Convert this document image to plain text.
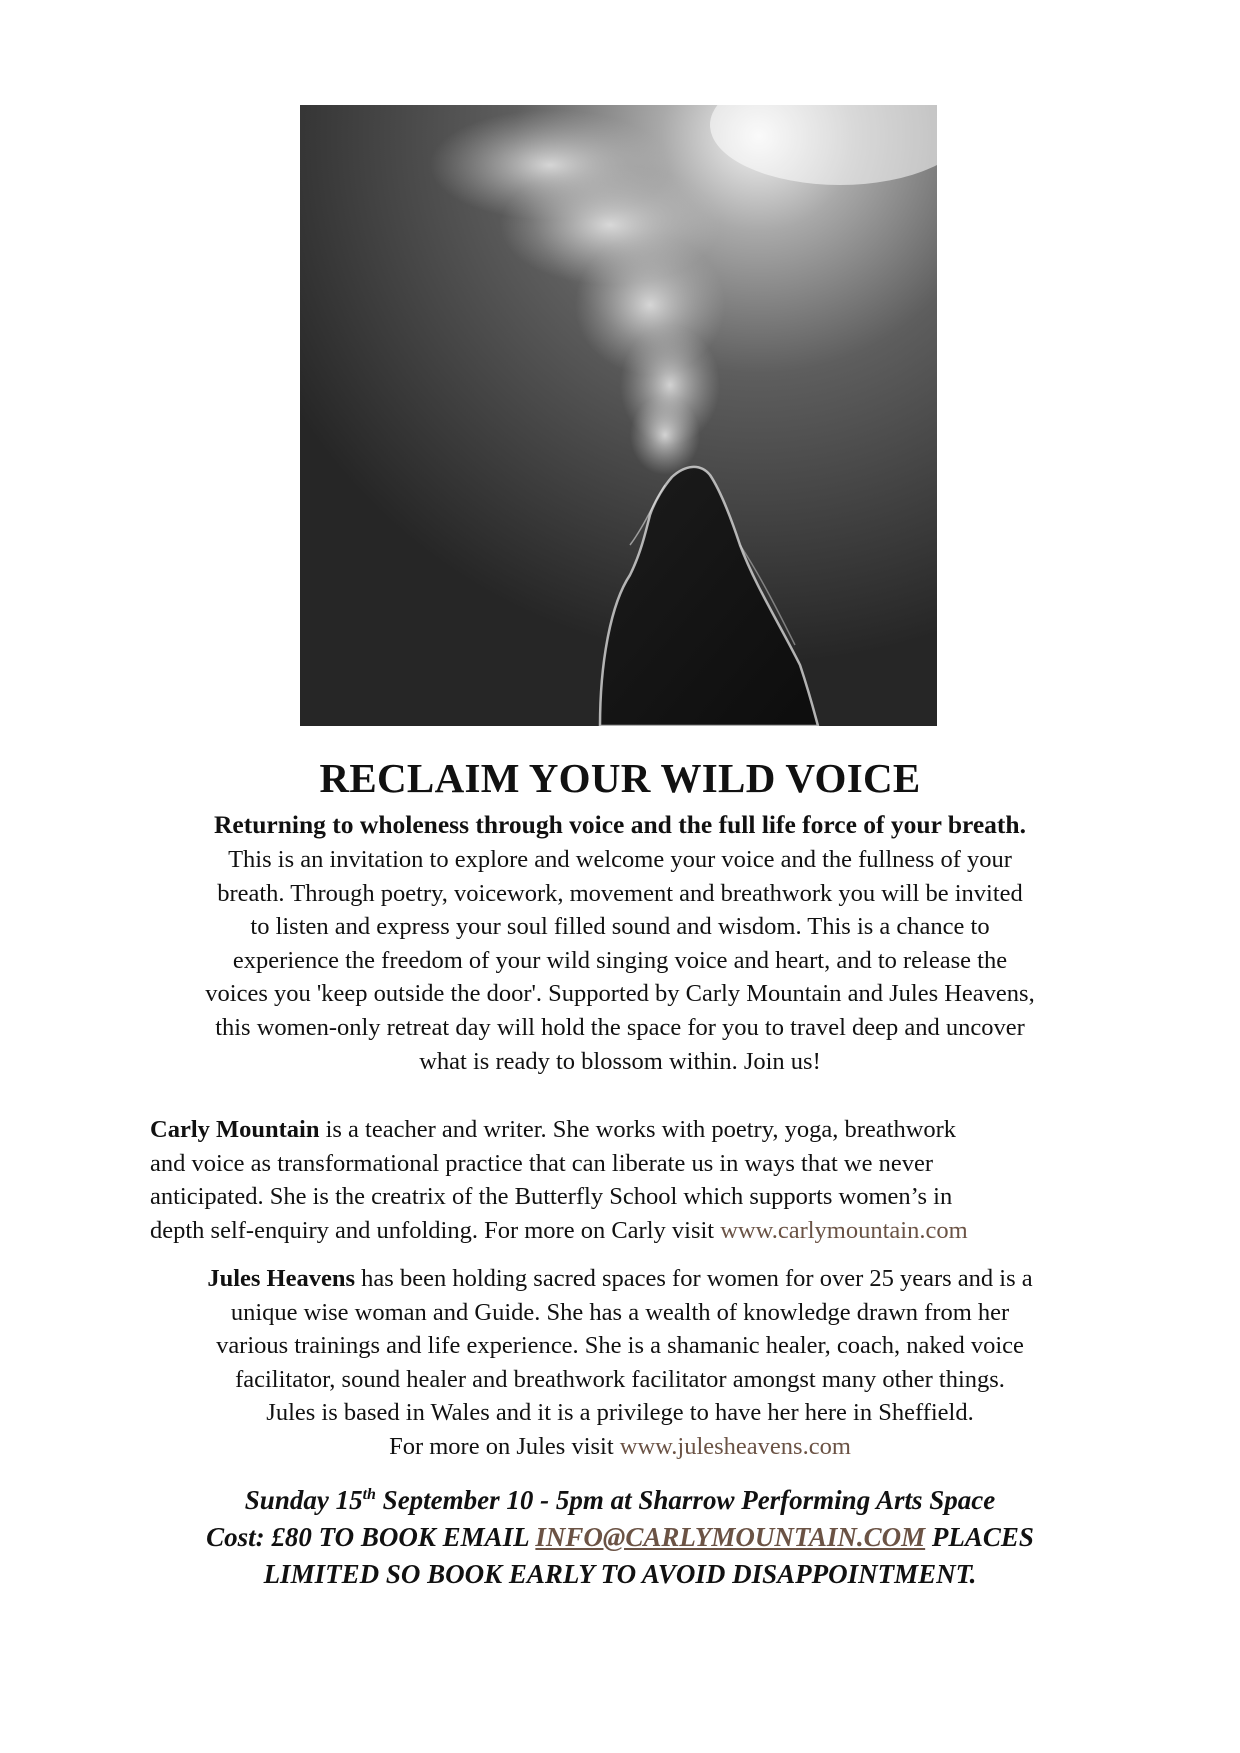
RECLAIM YOUR WILD VOICE

Returning to wholeness through voice and the full life force of your breath.

This is an invitation to explore and welcome your voice and the fullness of your
breath. Through poetry, voicework, movement and breathwork you will be invited
to listen and express your soul filled sound and wisdom. This is a chance to
experience the freedom of your wild singing voice and heart, and to release the
voices you 'keep outside the door'. Supported by Carly Mountain and Jules Heavens,
this women-only retreat day will hold the space for you to travel deep and uncover
what is ready to blossom within. Join us!

Carly Mountain is a teacher and writer. She works with poetry, yoga, breathwork
and voice as transformational practice that can liberate us in ways that we never
anticipated. She is the creatrix of the Butterfly School which supports women’s in
depth self-enquiry and unfolding. For more on Carly visit www.carlymountain.com

Jules Heavens has been holding sacred spaces for women for over 25 years and is a
unique wise woman and Guide. She has a wealth of knowledge drawn from her
various trainings and life experience. She is a shamanic healer, coach, naked voice
facilitator, sound healer and breathwork facilitator amongst many other things.
Jules is based in Wales and it is a privilege to have her here in Sheffield.
For more on Jules visit www.julesheavens.com

Sunday 15th September 10 - 5pm at Sharrow Performing Arts Space
Cost: £80 TO BOOK EMAIL INFO@CARLYMOUNTAIN.COM PLACES
LIMITED SO BOOK EARLY TO AVOID DISAPPOINTMENT.
